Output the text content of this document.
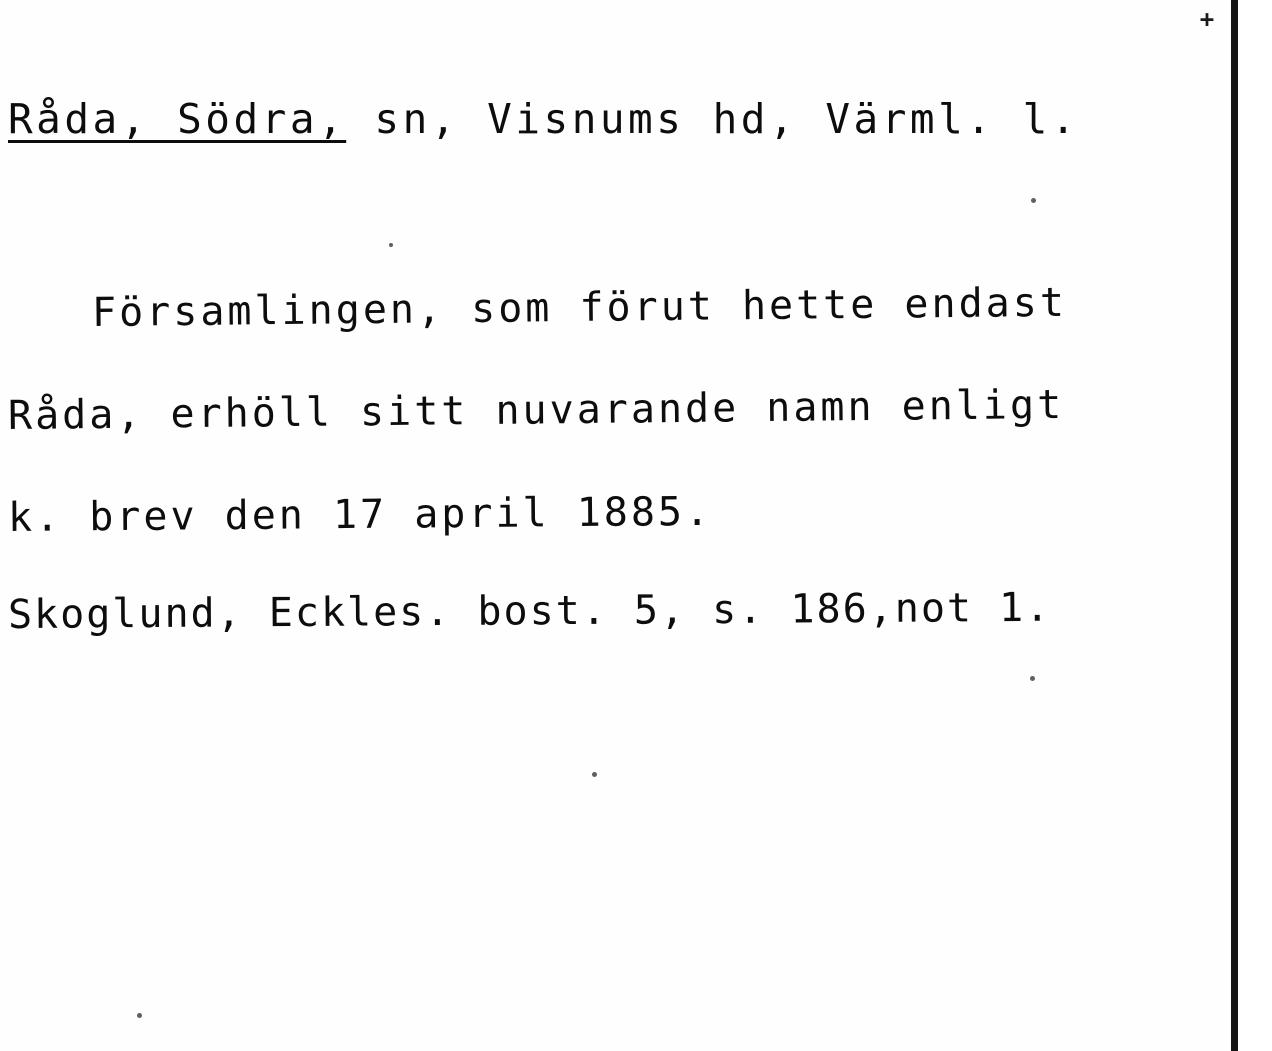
+
Råda, Södra, sn, Visnums hd, Värml. l.
Församlingen, som förut hette endast
Råda, erhöll sitt nuvarande namn enligt
k. brev den 17 april 1885.
Skoglund, Eckles. bost. 5, s. 186,not 1.
